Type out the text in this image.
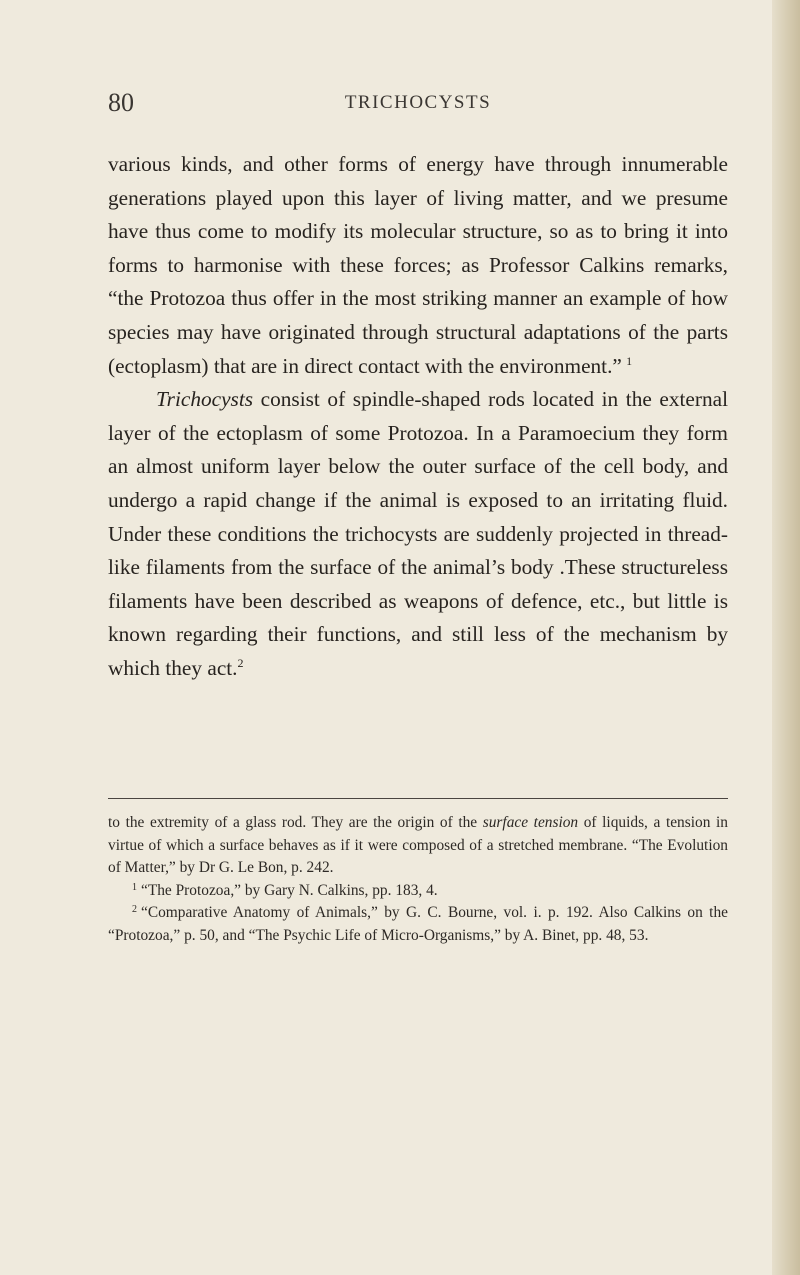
80	TRICHOCYSTS

various kinds, and other forms of energy have through innumerable generations played upon this layer of living matter, and we presume have thus come to modify its molecular structure, so as to bring it into forms to harmonise with these forces; as Professor Calkins remarks, “the Protozoa thus offer in the most striking manner an example of how species may have originated through structural adaptations of the parts (ectoplasm) that are in direct contact with the environment.”  $^1$

Trichocysts consist of spindle-shaped rods located in the external layer of the ectoplasm of some Protozoa. In a Paramoecium they form an almost uniform layer below the outer surface of the cell body, and undergo a rapid change if the animal is exposed to an irritating fluid. Under these conditions the trichocysts are suddenly projected in thread-like filaments from the surface of the animal’s body .These structureless filaments have been described as weapons of defence, etc., but little is known regarding their functions, and still less of the mechanism by which they act.$^2$

to the extremity of a glass rod. They are the origin of the surface tension of liquids, a tension in virtue of which a surface behaves as if it were composed of a stretched membrane. “The Evolution of Matter,” by Dr G. Le Bon, p. 242.

$^1$ “The Protozoa,” by Gary N. Calkins, pp. 183, 4.

$^2$ “Comparative Anatomy of Animals,” by G. C. Bourne, vol. i. p. 192. Also Calkins on the “Protozoa,” p. 50, and “The Psychic Life of Micro-Organisms,” by A. Binet, pp. 48, 53.
